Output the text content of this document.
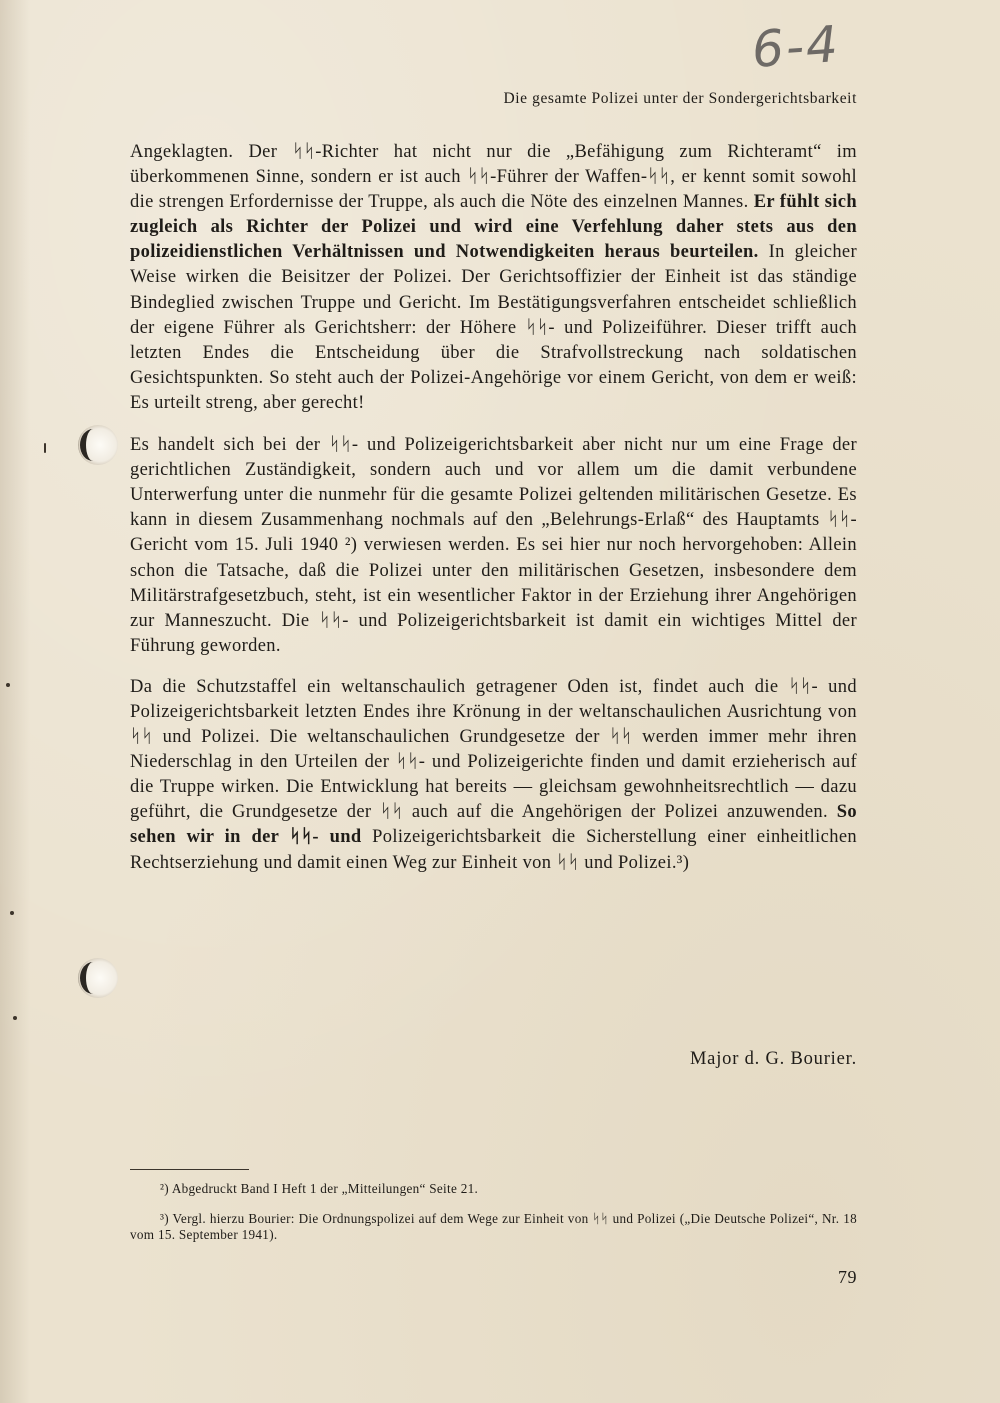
6-4
Die gesamte Polizei unter der Sondergerichtsbarkeit

Angeklagten. Der ᛋᛋ-Richter hat nicht nur die „Befähigung zum Richteramt“ im überkommenen Sinne, sondern er ist auch ᛋᛋ-Führer der Waffen-ᛋᛋ, er kennt somit sowohl die strengen Erfordernisse der Truppe, als auch die Nöte des einzelnen Mannes. Er fühlt sich zugleich als Richter der Polizei und wird eine Verfehlung daher stets aus den polizeidienstlichen Verhältnissen und Notwendigkeiten heraus beurteilen. In gleicher Weise wirken die Beisitzer der Polizei. Der Gerichtsoffizier der Einheit ist das ständige Bindeglied zwischen Truppe und Gericht. Im Bestätigungsverfahren entscheidet schließlich der eigene Führer als Gerichtsherr: der Höhere ᛋᛋ- und Polizeiführer. Dieser trifft auch letzten Endes die Entscheidung über die Strafvollstreckung nach soldatischen Gesichtspunkten. So steht auch der Polizei-Angehörige vor einem Gericht, von dem er weiß: Es urteilt streng, aber gerecht!

Es handelt sich bei der ᛋᛋ- und Polizeigerichtsbarkeit aber nicht nur um eine Frage der gerichtlichen Zuständigkeit, sondern auch und vor allem um die damit verbundene Unterwerfung unter die nunmehr für die gesamte Polizei geltenden militärischen Gesetze. Es kann in diesem Zusammenhang nochmals auf den „Belehrungs-Erlaß“ des Hauptamts ᛋᛋ-Gericht vom 15. Juli 1940 ²) verwiesen werden. Es sei hier nur noch hervorgehoben: Allein schon die Tatsache, daß die Polizei unter den militärischen Gesetzen, insbesondere dem Militärstrafgesetzbuch, steht, ist ein wesentlicher Faktor in der Erziehung ihrer Angehörigen zur Manneszucht. Die ᛋᛋ- und Polizeigerichtsbarkeit ist damit ein wichtiges Mittel der Führung geworden.

Da die Schutzstaffel ein weltanschaulich getragener Oden ist, findet auch die ᛋᛋ- und Polizeigerichtsbarkeit letzten Endes ihre Krönung in der weltanschaulichen Ausrichtung von ᛋᛋ und Polizei. Die weltanschaulichen Grundgesetze der ᛋᛋ werden immer mehr ihren Niederschlag in den Urteilen der ᛋᛋ- und Polizeigerichte finden und damit erzieherisch auf die Truppe wirken. Die Entwicklung hat bereits — gleichsam gewohnheitsrechtlich — dazu geführt, die Grundgesetze der ᛋᛋ auch auf die Angehörigen der Polizei anzuwenden. So sehen wir in der ᛋᛋ- und Polizeigerichtsbarkeit die Sicherstellung einer einheitlichen Rechtserziehung und damit einen Weg zur Einheit von ᛋᛋ und Polizei.³)

Major d. G. Bourier.
²) Abgedruckt Band I Heft 1 der „Mitteilungen“ Seite 21.
³) Vergl. hierzu Bourier: Die Ordnungspolizei auf dem Wege zur Einheit von ᛋᛋ und Polizei („Die Deutsche Polizei“, Nr. 18 vom 15. September 1941).
79
